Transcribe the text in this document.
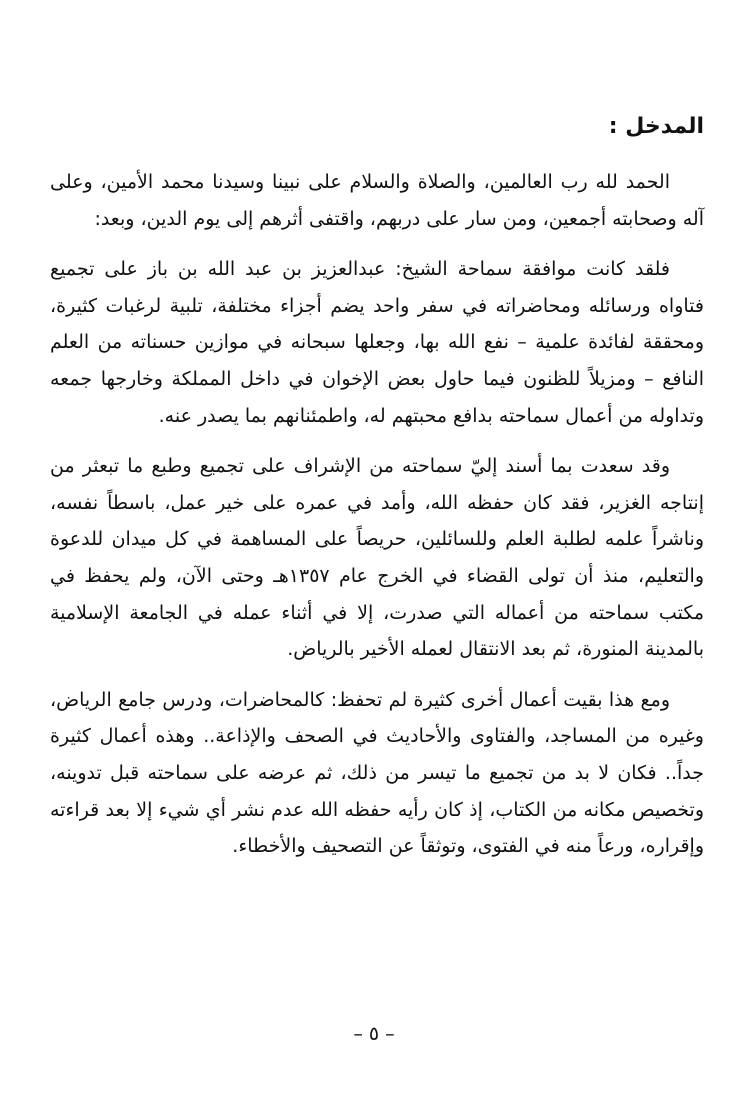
المدخل :

الحمد لله رب العالمين، والصلاة والسلام على نبينا وسيدنا محمد الأمين، وعلى آله وصحابته أجمعين، ومن سار على دربهم، واقتفى أثرهم إلى يوم الدين، وبعد:

فلقد كانت موافقة سماحة الشيخ: عبدالعزيز بن عبد الله بن باز على تجميع فتاواه ورسائله ومحاضراته في سفر واحد يضم أجزاء مختلفة، تلبية لرغبات كثيرة، ومحققة لفائدة علمية – نفع الله بها، وجعلها سبحانه في موازين حسناته من العلم النافع – ومزيلاً للظنون فيما حاول بعض الإخوان في داخل المملكة وخارجها جمعه وتداوله من أعمال سماحته بدافع محبتهم له، واطمئنانهم بما يصدر عنه.

وقد سعدت بما أسند إليّ سماحته من الإشراف على تجميع وطبع ما تبعثر من إنتاجه الغزير، فقد كان حفظه الله، وأمد في عمره على خير عمل، باسطاً نفسه، وناشراً علمه لطلبة العلم وللسائلين، حريصاً على المساهمة في كل ميدان للدعوة والتعليم، منذ أن تولى القضاء في الخرج عام ١٣٥٧هـ وحتى الآن، ولم يحفظ في مكتب سماحته من أعماله التي صدرت، إلا في أثناء عمله في الجامعة الإسلامية بالمدينة المنورة، ثم بعد الانتقال لعمله الأخير بالرياض.

ومع هذا بقيت أعمال أخرى كثيرة لم تحفظ: كالمحاضرات، ودرس جامع الرياض، وغيره من المساجد، والفتاوى والأحاديث في الصحف والإذاعة.. وهذه أعمال كثيرة جداً.. فكان لا بد من تجميع ما تيسر من ذلك، ثم عرضه على سماحته قبل تدوينه، وتخصيص مكانه من الكتاب، إذ كان رأيه حفظه الله عدم نشر أي شيء إلا بعد قراءته وإقراره، ورعاً منه في الفتوى، وتوثقاً عن التصحيف والأخطاء.

– ٥ –
